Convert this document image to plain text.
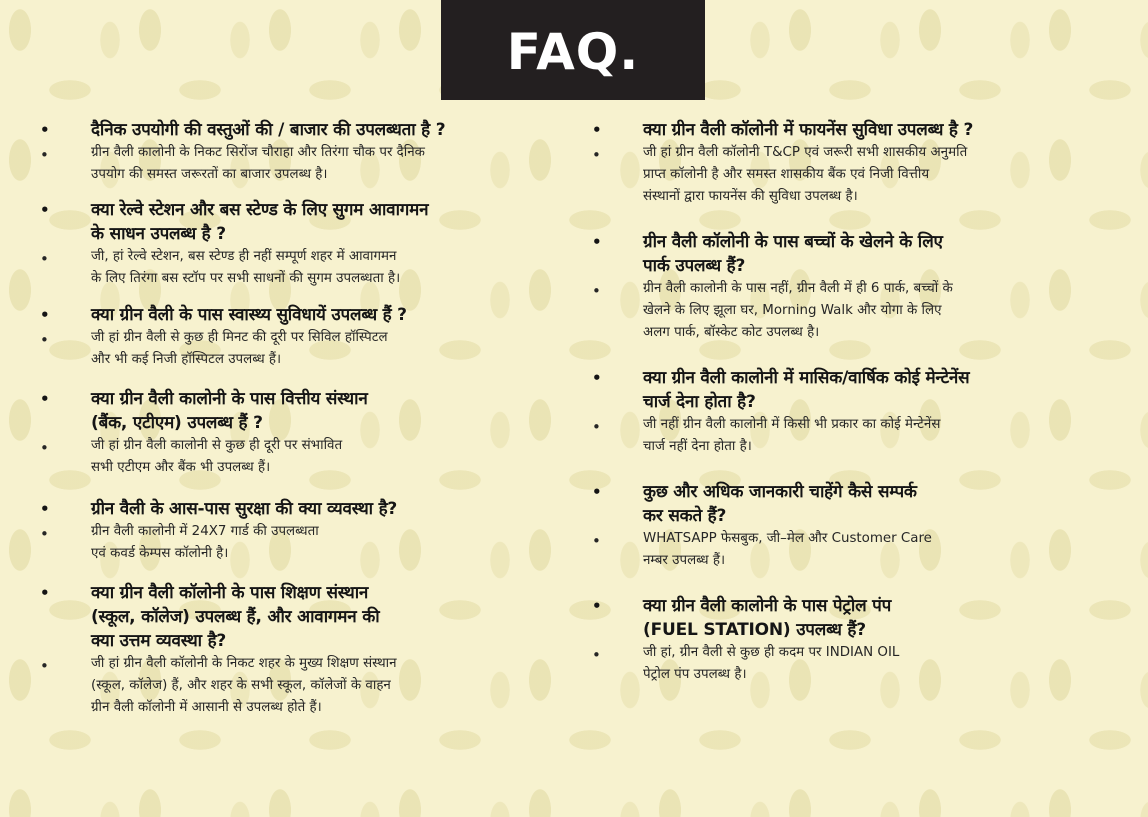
FAQ.
• दैनिक उपयोगी की वस्तुओं की / बाजार की उपलब्धता है ?
• ग्रीन वैली कालोनी के निकट सिरोंज चौराहा और तिरंगा चौक पर दैनिक
उपयोग की समस्त जरूरतों का बाजार उपलब्ध है।
• क्या रेल्वे स्टेशन और बस स्टेण्ड के लिए सुगम आवागमन
के साधन उपलब्ध है ?
• जी, हां रेल्वे स्टेशन, बस स्टेण्ड ही नहीं सम्पूर्ण शहर में आवागमन
के लिए तिरंगा बस स्टॉप पर सभी साधनों की सुगम उपलब्धता है।
• क्या ग्रीन वैली के पास स्वास्थ्य सुविधायें उपलब्ध हैं ?
• जी हां ग्रीन वैली से कुछ ही मिनट की दूरी पर सिविल हॉस्पिटल
और भी कई निजी हॉस्पिटल उपलब्ध हैं।
• क्या ग्रीन वैली कालोनी के पास वित्तीय संस्थान
(बैंक, एटीएम) उपलब्ध हैं ?
• जी हां ग्रीन वैली कालोनी से कुछ ही दूरी पर संभावित
सभी एटीएम और बैंक भी उपलब्ध हैं।
• ग्रीन वैली के आस-पास सुरक्षा की क्या व्यवस्था है?
• ग्रीन वैली कालोनी में 24X7 गार्ड की उपलब्धता
एवं कवर्ड केम्पस कॉलोनी है।
• क्या ग्रीन वैली कॉलोनी के पास शिक्षण संस्थान
(स्कूल, कॉलेज) उपलब्ध हैं, और आवागमन की
क्या उत्तम व्यवस्था है?
• जी हां ग्रीन वैली कॉलोनी के निकट शहर के मुख्य शिक्षण संस्थान
(स्कूल, कॉलेज) हैं, और शहर के सभी स्कूल, कॉलेजों के वाहन
ग्रीन वैली कॉलोनी में आसानी से उपलब्ध होते हैं।
• क्या ग्रीन वैली कॉलोनी में फायनेंस सुविधा उपलब्ध है ?
• जी हां ग्रीन वैली कॉलोनी T&CP एवं जरूरी सभी शासकीय अनुमति
प्राप्त कॉलोनी है और समस्त शासकीय बैंक एवं निजी वित्तीय
संस्थानों द्वारा फायनेंस की सुविधा उपलब्ध है।
• ग्रीन वैली कॉलोनी के पास बच्चों के खेलने के लिए
पार्क उपलब्ध हैं?
• ग्रीन वैली कालोनी के पास नहीं, ग्रीन वैली में ही 6 पार्क, बच्चों के
खेलने के लिए झूला घर, Morning Walk और योगा के लिए
अलग पार्क, बॉस्केट कोट उपलब्ध है।
• क्या ग्रीन वैली कालोनी में मासिक/वार्षिक कोई मेन्टेनेंस
चार्ज देना होता है?
• जी नहीं ग्रीन वैली कालोनी में किसी भी प्रकार का कोई मेन्टेनेंस
चार्ज नहीं देना होता है।
• कुछ और अधिक जानकारी चाहेंगे कैसे सम्पर्क
कर सकते हैं?
• WHATSAPP फेसबुक, जी–मेल और Customer Care
नम्बर उपलब्ध हैं।
• क्या ग्रीन वैली कालोनी के पास पेट्रोल पंप
(FUEL STATION) उपलब्ध हैं?
• जी हां, ग्रीन वैली से कुछ ही कदम पर INDIAN OIL
पेट्रोल पंप उपलब्ध है।
